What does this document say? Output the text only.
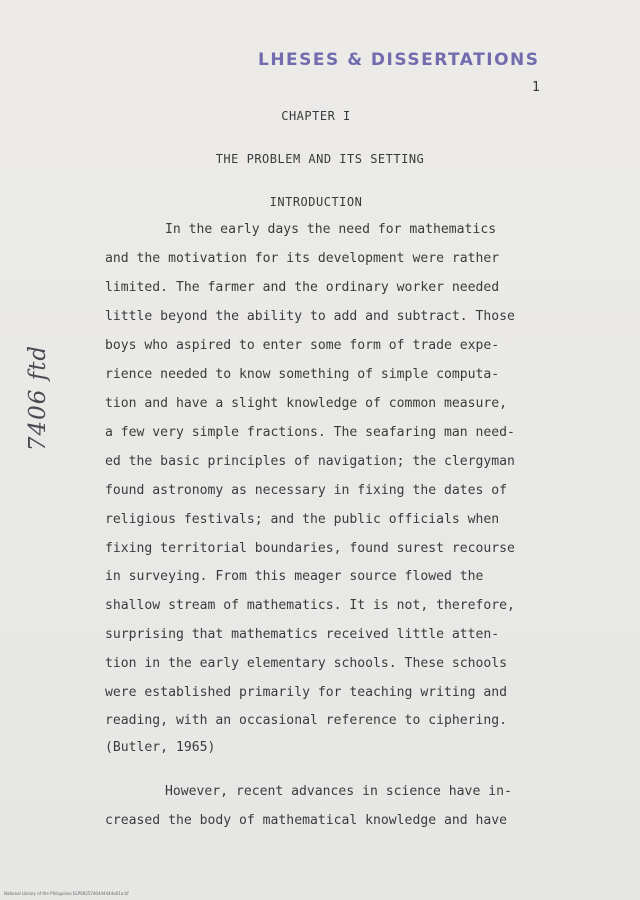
LHESES & DISSERTATIONS
1
CHAPTER I
THE PROBLEM AND ITS SETTING
INTRODUCTION
7406 ftd
In the early days the need for mathematics
and the motivation for its development were rather
limited. The farmer and the ordinary worker needed
little beyond the ability to add and subtract. Those
boys who aspired to enter some form of trade expe-
rience needed to know something of simple computa-
tion and have a slight knowledge of common measure,
a few very simple fractions. The seafaring man need-
ed the basic principles of navigation; the clergyman
found astronomy as necessary in fixing the dates of
religious festivals; and the public officials when
fixing territorial boundaries, found surest recourse
in surveying. From this meager source flowed the
shallow stream of mathematics. It is not, therefore,
surprising that mathematics received little atten-
tion in the early elementary schools. These schools
were established primarily for teaching writing and
reading, with an occasional reference to ciphering.
(Butler, 1965)
However, recent advances in science have in-
creased the body of mathematical knowledge and have
National Library of the Philippines ELP0025740444444e61a.tif
